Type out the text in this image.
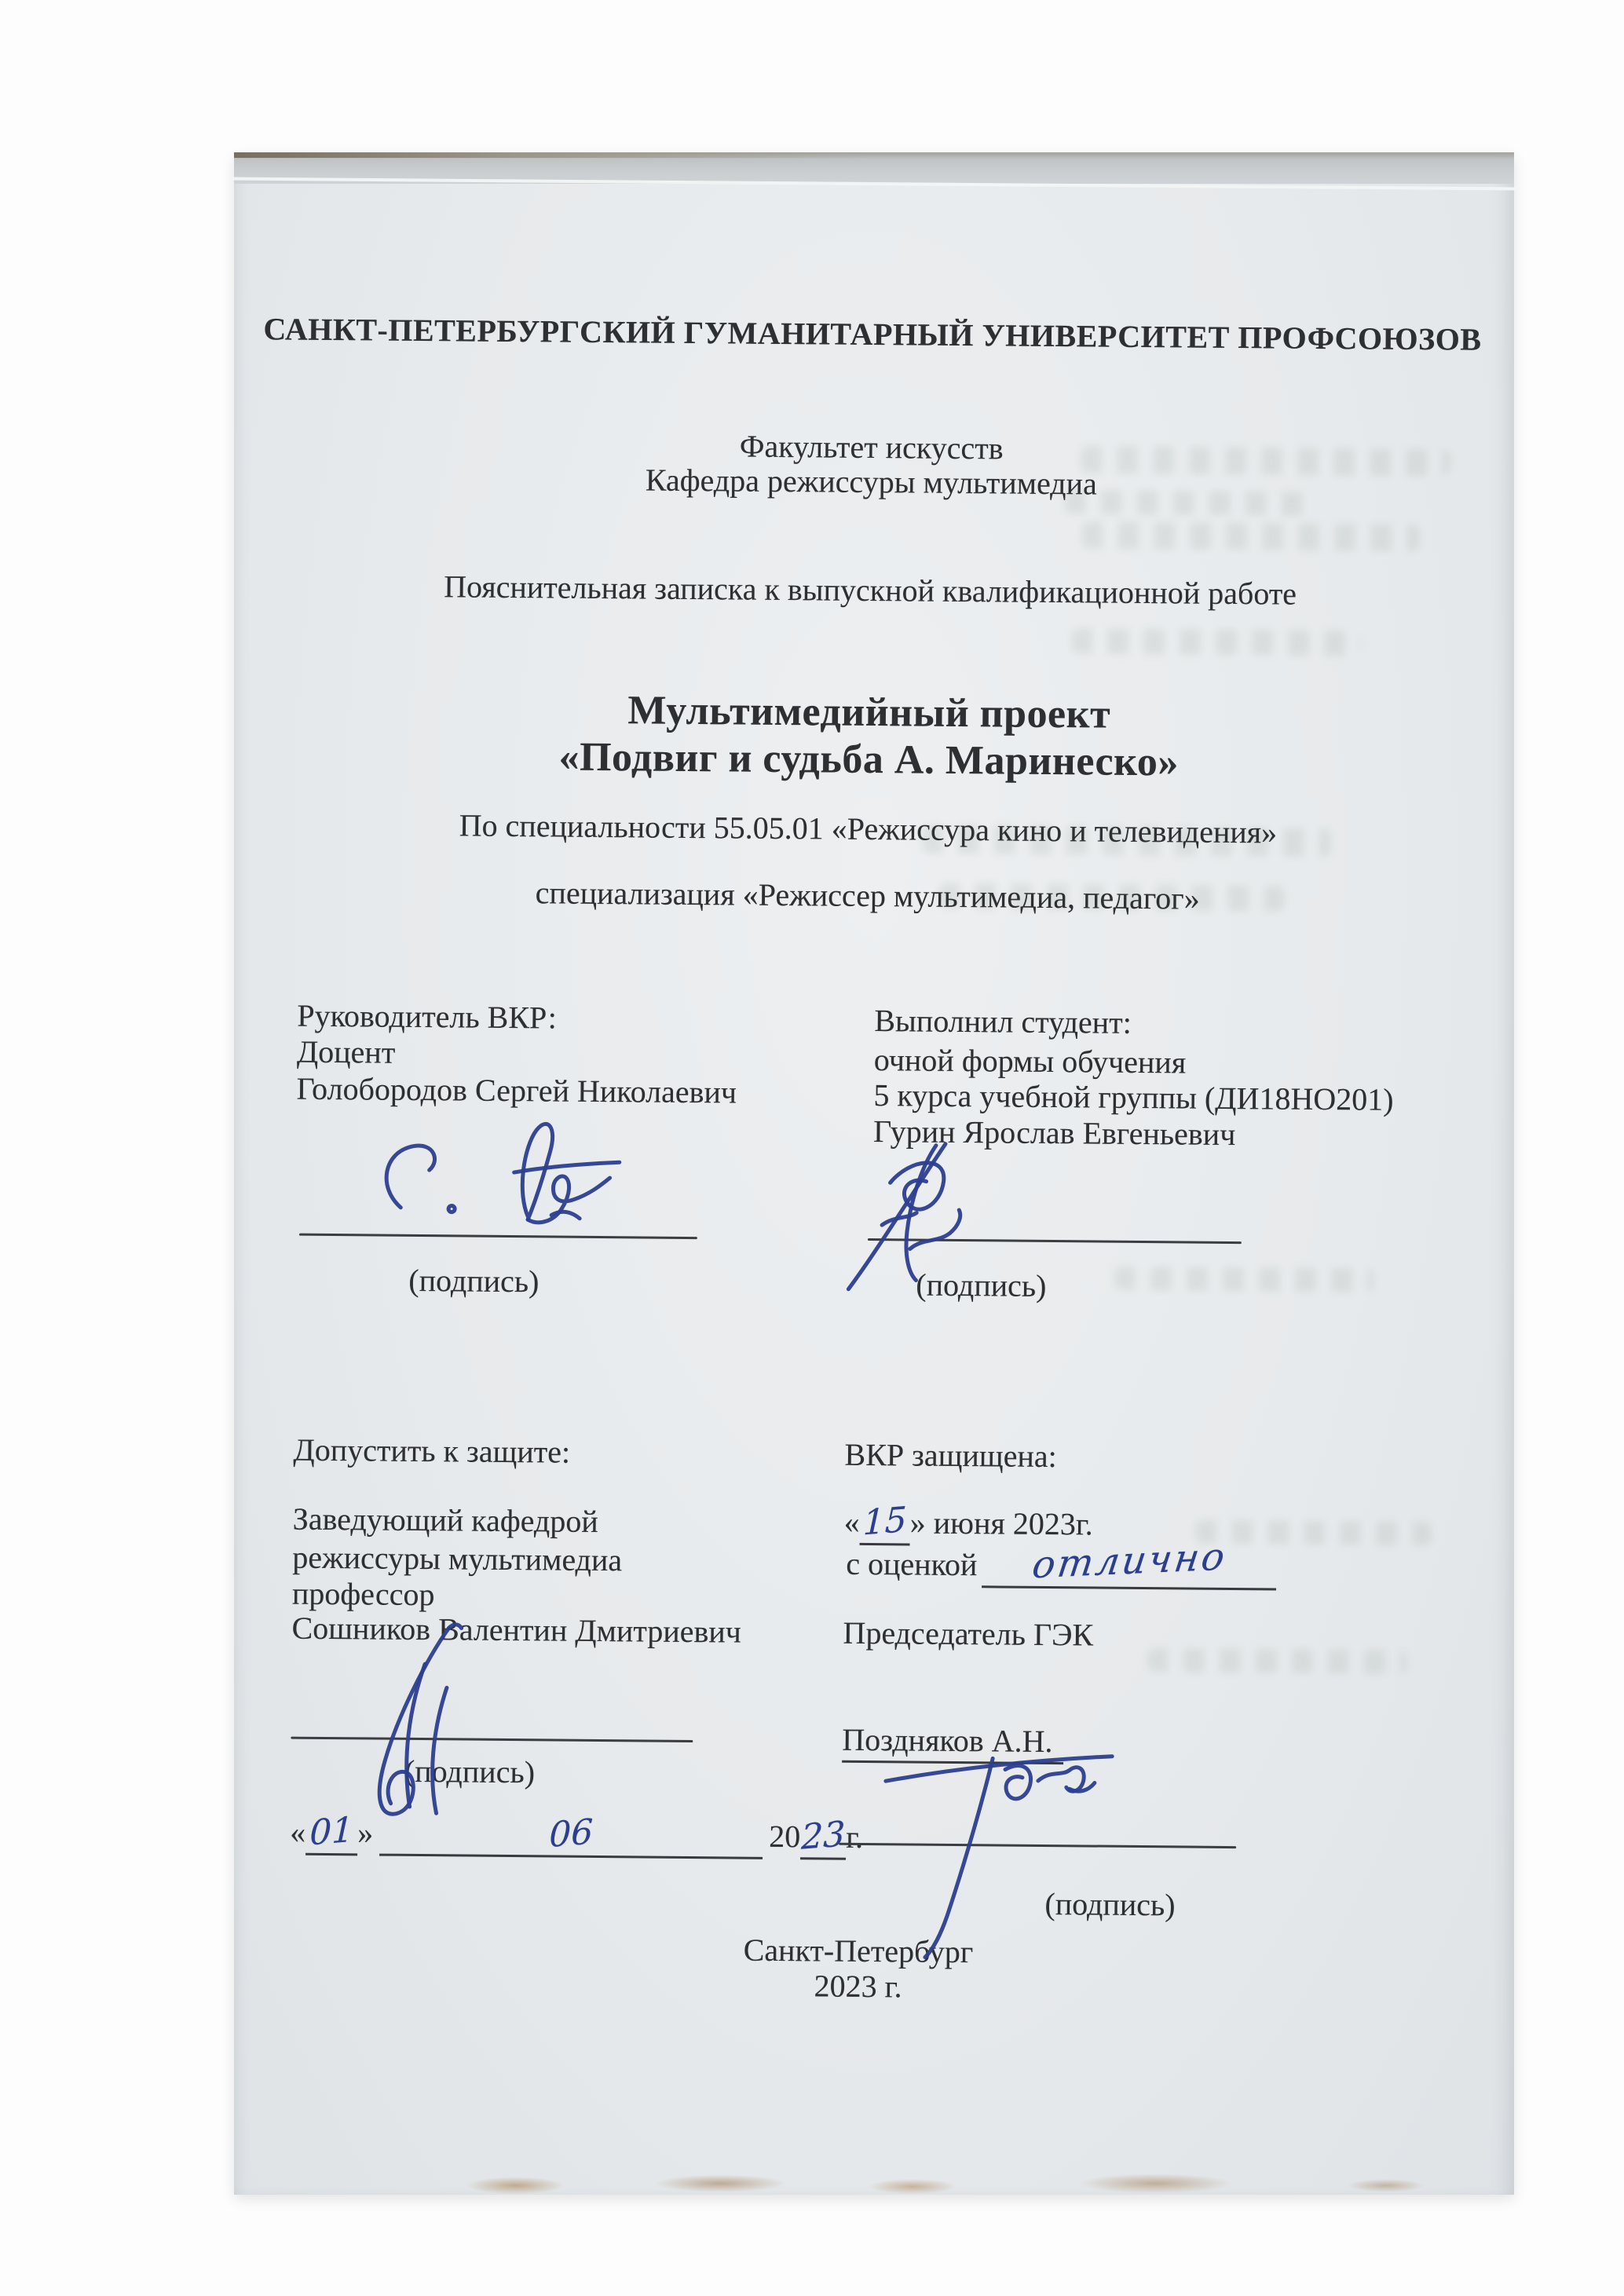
САНКТ-ПЕТЕРБУРГСКИЙ ГУМАНИТАРНЫЙ УНИВЕРСИТЕТ ПРОФСОЮЗОВ
Факультет искусств
Кафедра режиссуры мультимедиа
Пояснительная записка к выпускной квалификационной работе
Мультимедийный проект
«Подвиг и судьба А. Маринеско»
По специальности 55.05.01 «Режиссура кино и телевидения»
специализация «Режиссер мультимедиа, педагог»
Руководитель ВКР:
Доцент
Голобородов Сергей Николаевич
Выполнил студент:
очной формы обучения
5 курса учебной группы (ДИ18НО201)
Гурин Ярослав Евгеньевич
(подпись)	(подпись)
Допустить к защите:	ВКР защищена:
Заведующий кафедрой
режиссуры мультимедиа
профессор
Сошников Валентин Дмитриевич
«15» июня 2023г.
с оценкой отлично
Председатель ГЭК
(подпись)
«01 »	06	2023г.
Поздняков А.Н.
(подпись)
Санкт-Петербург
2023 г.
